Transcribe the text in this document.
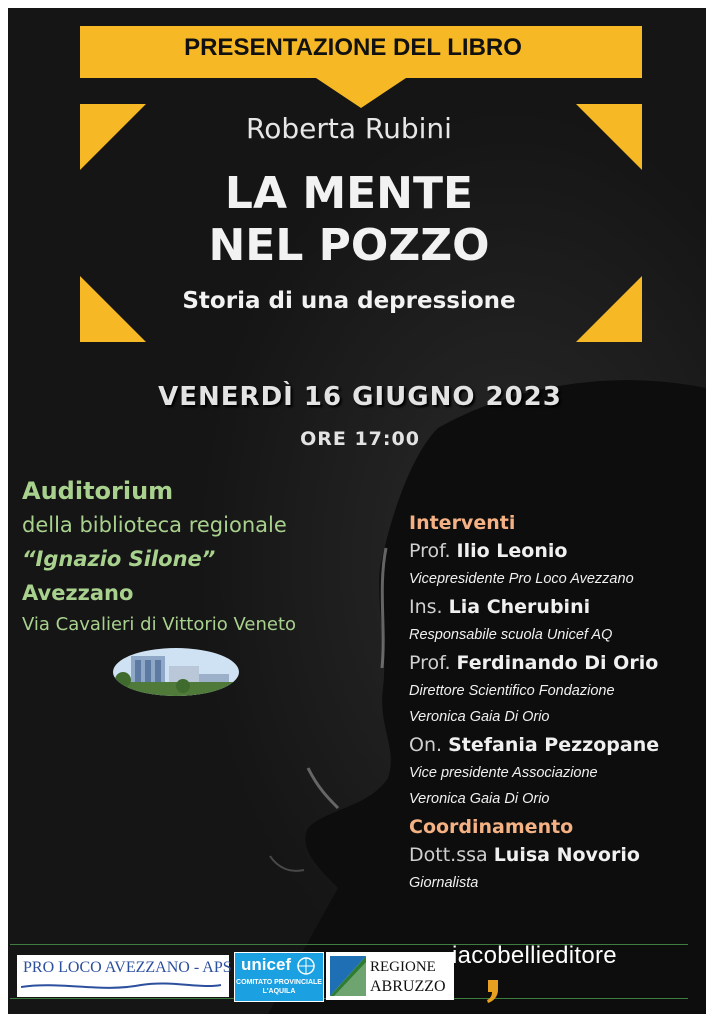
PRESENTAZIONE DEL LIBRO
Roberta Rubini
LA MENTE
NEL POZZO
Storia di una depressione
VENERDÌ 16 GIUGNO 2023
ORE 17:00
Auditorium
della biblioteca regionale
“Ignazio Silone”
Avezzano
Via Cavalieri di Vittorio Veneto
Interventi
Prof. Ilio Leonio
Vicepresidente Pro Loco Avezzano
Ins. Lia Cherubini
Responsabile scuola Unicef AQ
Prof. Ferdinando Di Orio
Direttore Scientifico Fondazione
Veronica Gaia Di Orio
On. Stefania Pezzopane
Vice presidente Associazione
Veronica Gaia Di Orio
Coordinamento
Dott.ssa Luisa Novorio
Giornalista
PRO LOCO AVEZZANO - APS unicef
COMITATO PROVINCIALE
L'AQUILA
REGIONE
ABRUZZO
iacobellieditore
